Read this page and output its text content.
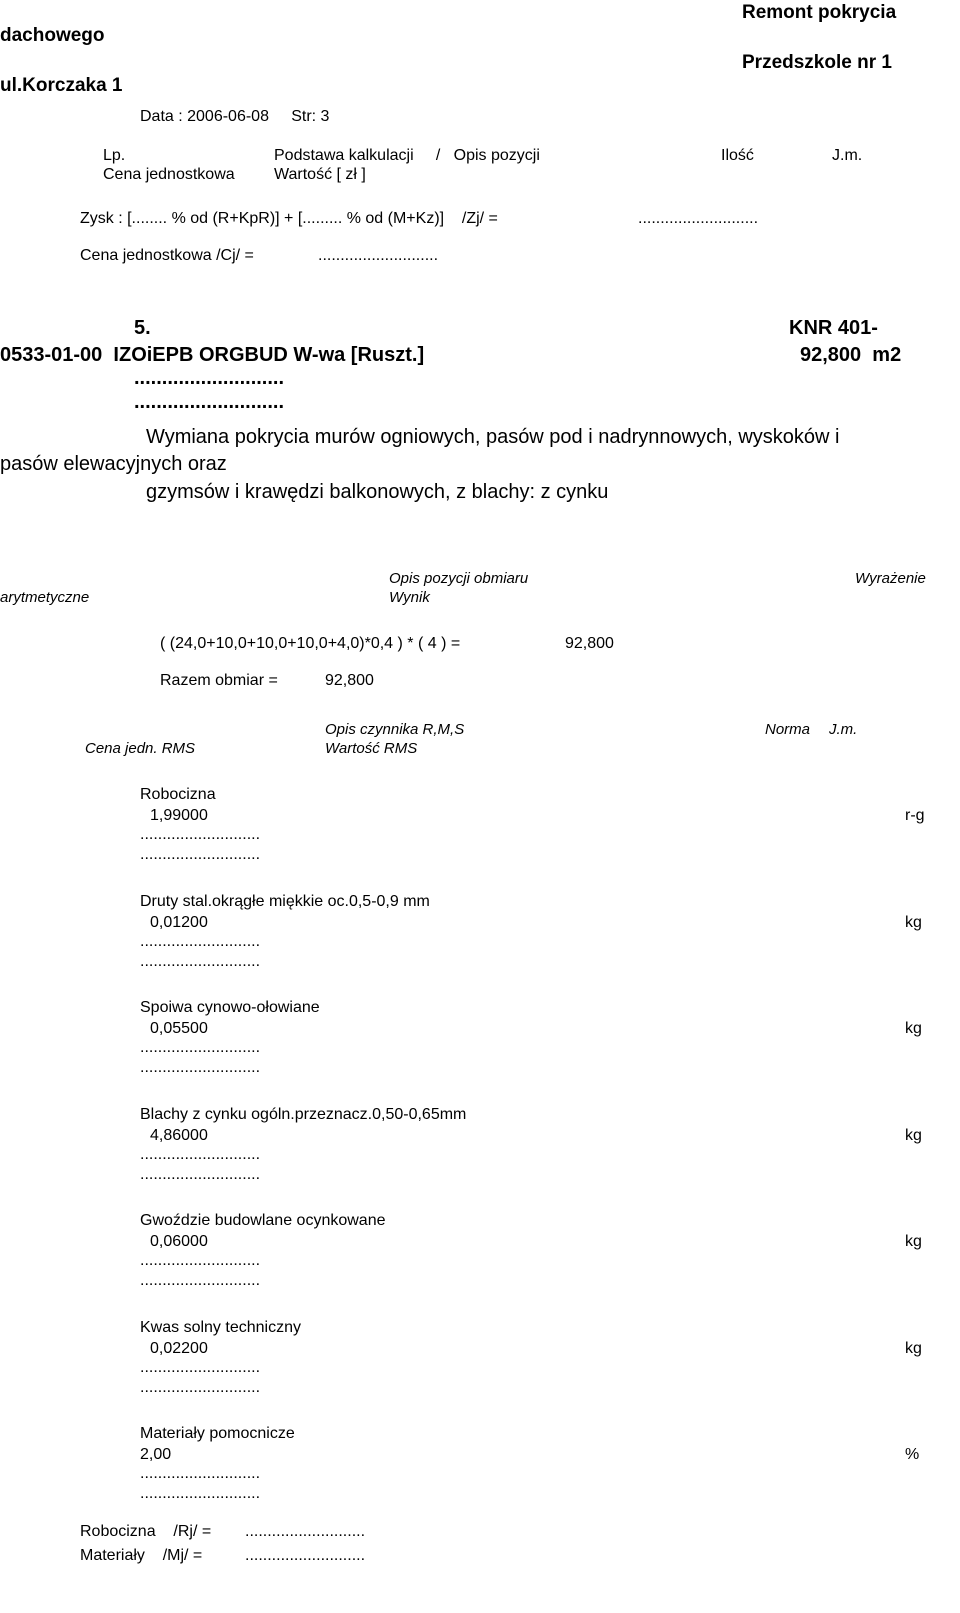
dachowego
ul.Korczaka 1
Remont pokrycia
Przedszkole nr 1
Data : 2006-06-08     Str: 3
Lp.	Podstawa kalkulacji     /   Opis pozycji	Ilość	J.m.
Cena jednostkowa Wartość [ zł ]
Zysk : [........ % od (R+KpR)] + [......... % od (M+Kz)]    /Zj/ =	...........................
Cena jednostkowa /Cj/ =	...........................
5.	KNR 401-
0533-01-00  IZOiEPB ORGBUD W-wa [Ruszt.]	92,800  m2
...........................
...........................
Wymiana pokrycia murów ogniowych, pasów pod i nadrynnowych, wyskoków i
pasów elewacyjnych oraz
gzymsów i krawędzi balkonowych, z blachy: z cynku
Opis pozycji obmiaru	Wyrażenie
arytmetyczne	Wynik
( (24,0+10,0+10,0+10,0+4,0)*0,4 ) * ( 4 ) =	92,800
Razem obmiar =	92,800
Opis czynnika R,M,S	Norma J.m.
Cena jedn. RMS	Wartość RMS
Robocizna
1,99000	r-g
...........................
...........................
Druty stal.okrągłe miękkie oc.0,5-0,9 mm
0,01200	kg
...........................
...........................
Spoiwa cynowo-ołowiane
0,05500	kg
...........................
...........................
Blachy z cynku ogóln.przeznacz.0,50-0,65mm
4,86000	kg
...........................
...........................
Gwoździe budowlane ocynkowane
0,06000	kg
...........................
...........................
Kwas solny techniczny
0,02200	kg
...........................
...........................
Materiały pomocnicze
2,00	%
...........................
...........................
Robocizna    /Rj/ = ...........................
Materiały    /Mj/ =	...........................
